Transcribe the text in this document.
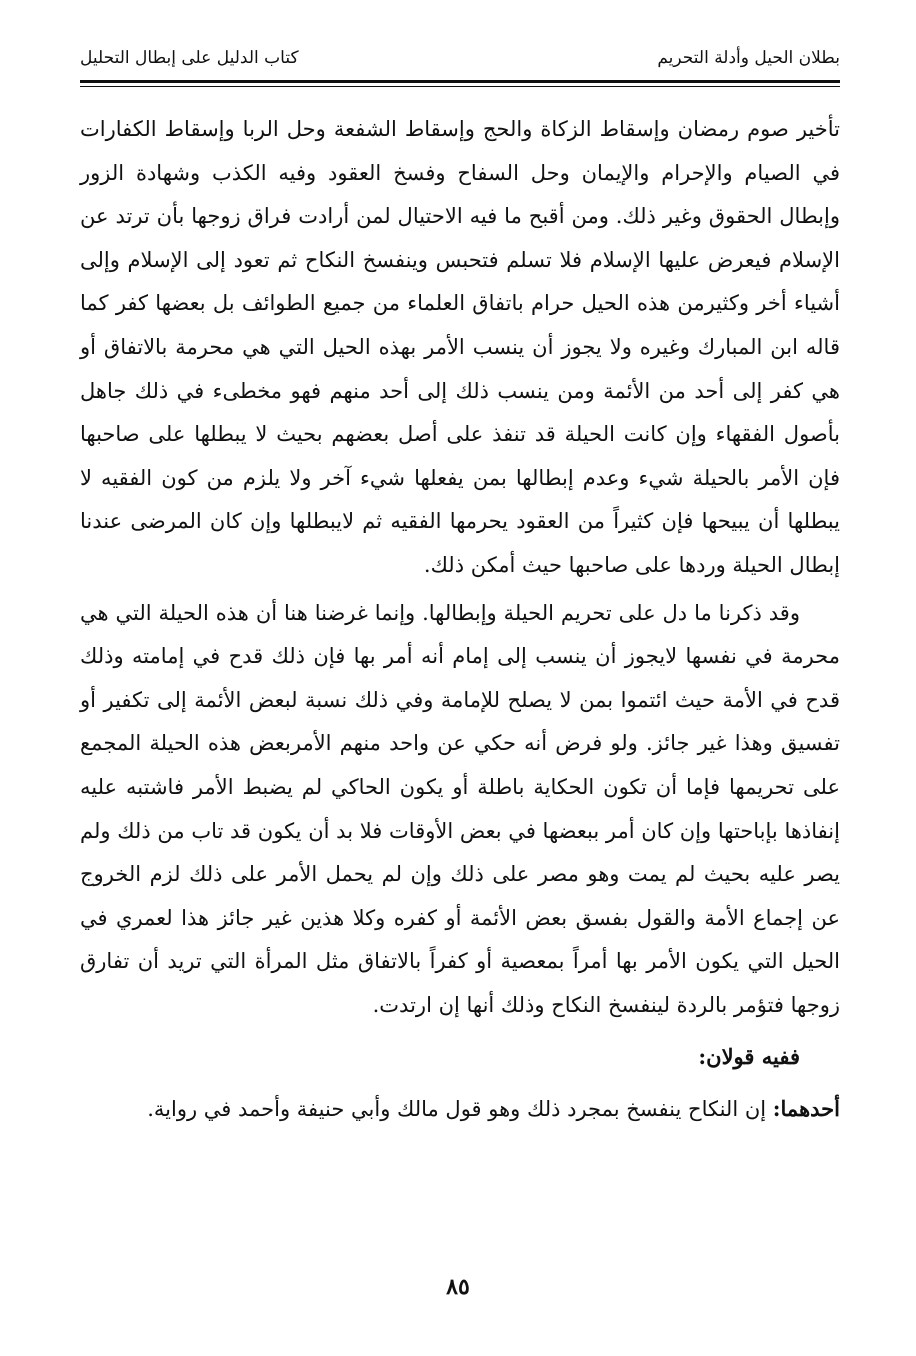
بطلان الحيل وأدلة التحريم
كتاب الدليل على إبطال التحليل

تأخير صوم رمضان وإسقاط الزكاة والحج وإسقاط الشفعة وحل الربا وإسقاط الكفارات في الصيام والإحرام والإيمان وحل السفاح وفسخ العقود وفيه الكذب وشهادة الزور وإبطال الحقوق وغير ذلك. ومن أقبح ما فيه الاحتيال لمن أرادت فراق زوجها بأن ترتد عن الإسلام فيعرض عليها الإسلام فلا تسلم فتحبس وينفسخ النكاح ثم تعود إلى الإسلام وإلى أشياء أخر وكثيرمن هذه الحيل حرام باتفاق العلماء من جميع الطوائف بل بعضها كفر كما قاله ابن المبارك وغيره ولا يجوز أن ينسب الأمر بهذه الحيل التي هي محرمة بالاتفاق أو هي كفر إلى أحد من الأئمة ومن ينسب ذلك إلى أحد منهم فهو مخطىء في ذلك جاهل بأصول الفقهاء وإن كانت الحيلة قد تنفذ على أصل بعضهم بحيث لا يبطلها على صاحبها فإن الأمر بالحيلة شيء وعدم إبطالها بمن يفعلها شيء آخر ولا يلزم من كون الفقيه لا يبطلها أن يبيحها فإن كثيراً من العقود يحرمها الفقيه ثم لايبطلها وإن كان المرضى عندنا إبطال الحيلة وردها على صاحبها حيث أمكن ذلك.

وقد ذكرنا ما دل على تحريم الحيلة وإبطالها. وإنما غرضنا هنا أن هذه الحيلة التي هي محرمة في نفسها لايجوز أن ينسب إلى إمام أنه أمر بها فإن ذلك قدح في إمامته وذلك قدح في الأمة حيث ائتموا بمن لا يصلح للإمامة وفي ذلك نسبة لبعض الأئمة إلى تكفير أو تفسيق وهذا غير جائز. ولو فرض أنه حكي عن واحد منهم الأمربعض هذه الحيلة المجمع على تحريمها فإما أن تكون الحكاية باطلة أو يكون الحاكي لم يضبط الأمر فاشتبه عليه إنفاذها بإباحتها وإن كان أمر ببعضها في بعض الأوقات فلا بد أن يكون قد تاب من ذلك ولم يصر عليه بحيث لم يمت وهو مصر على ذلك وإن لم يحمل الأمر على ذلك لزم الخروج عن إجماع الأمة والقول بفسق بعض الأئمة أو كفره وكلا هذين غير جائز هذا لعمري في الحيل التي يكون الأمر بها أمراً بمعصية أو كفراً بالاتفاق مثل المرأة التي تريد أن تفارق زوجها فتؤمر بالردة لينفسخ النكاح وذلك أنها إن ارتدت.

ففيه قولان:

أحدهما: إن النكاح ينفسخ بمجرد ذلك وهو قول مالك وأبي حنيفة وأحمد في رواية.

٨٥
